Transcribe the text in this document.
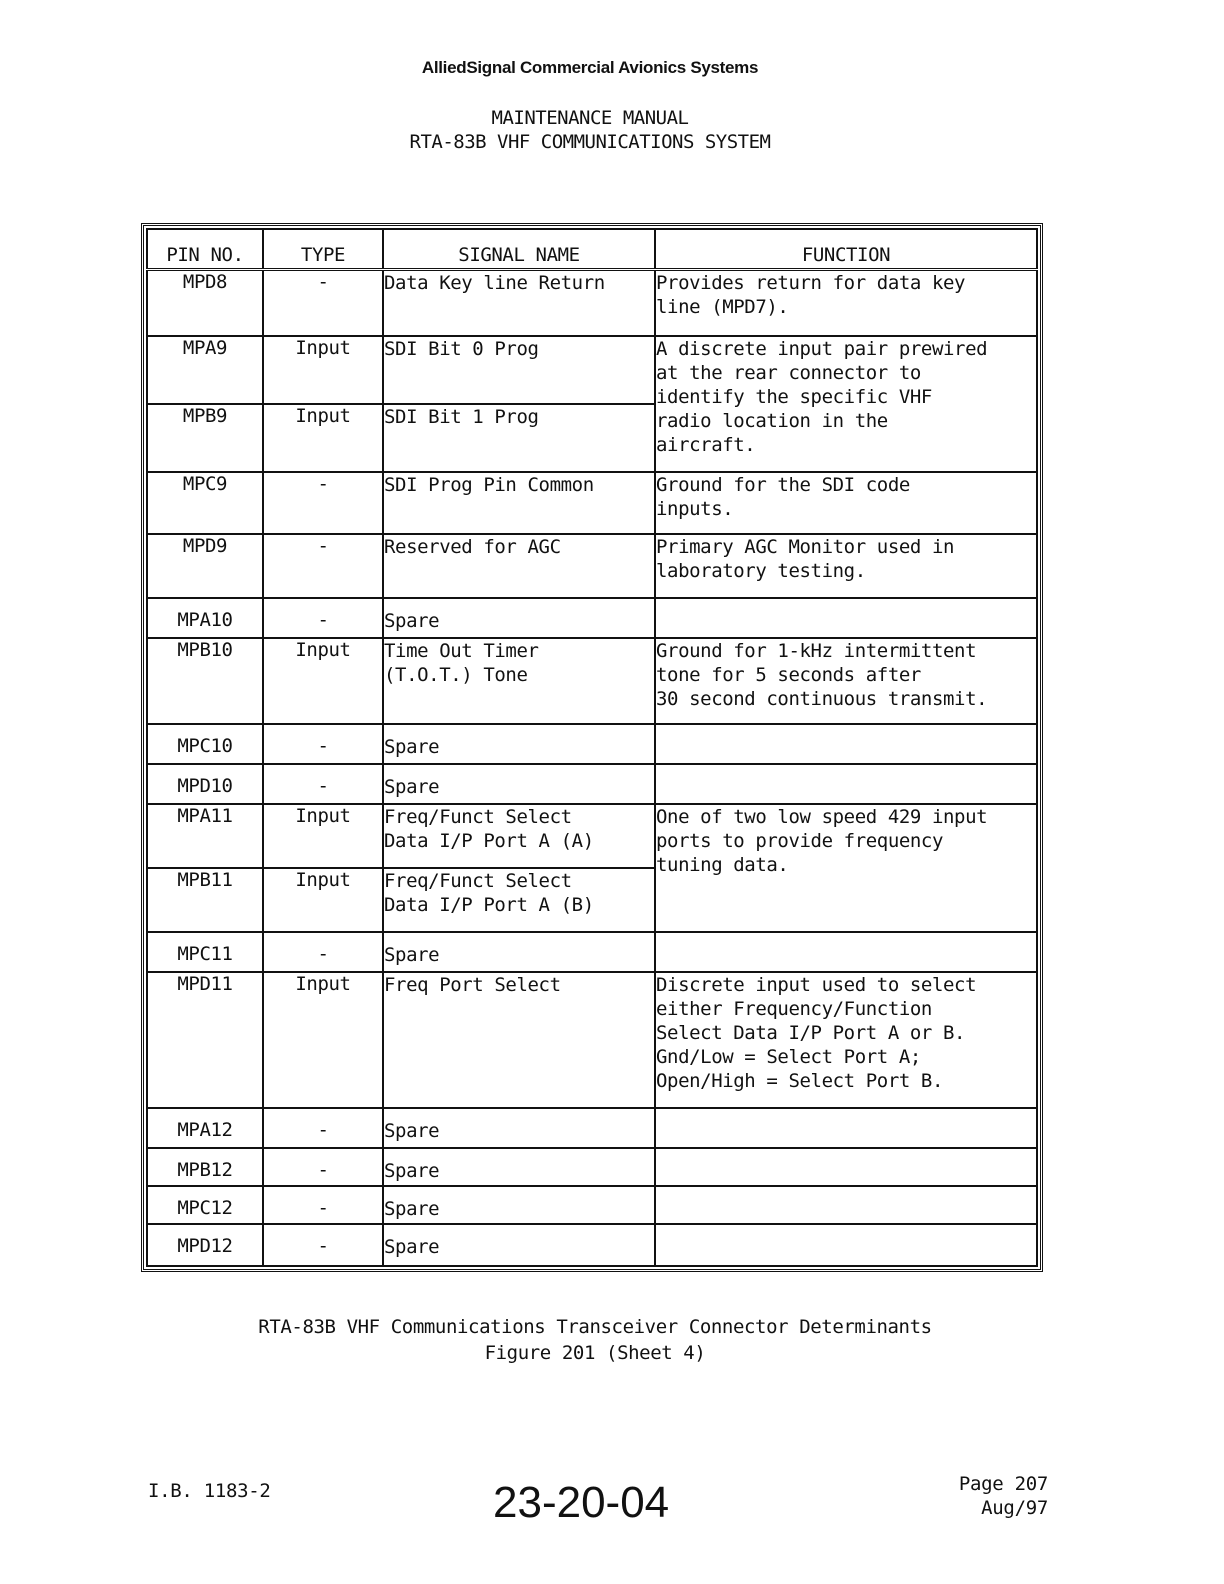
AlliedSignal Commercial Avionics Systems
MAINTENANCE MANUAL
RTA-83B VHF COMMUNICATIONS SYSTEM
PIN NO.	TYPE	SIGNAL NAME	FUNCTION
MPD8	-	Data Key line Return	Provides return for data key
line (MPD7).
MPA9	Input	SDI Bit 0 Prog	A discrete input pair prewired
at the rear connector to
identify the specific VHF
radio location in the
aircraft.
MPB9	Input	SDI Bit 1 Prog	
MPC9	-	SDI Prog Pin Common	Ground for the SDI code
inputs.
MPD9	-	Reserved for AGC	Primary AGC Monitor used in
laboratory testing.
MPA10	-	Spare	
MPB10	Input	Time Out Timer
(T.O.T.) Tone	Ground for 1-kHz intermittent
tone for 5 seconds after
30 second continuous transmit.
MPC10	-	Spare	
MPD10	-	Spare	
MPA11	Input	Freq/Funct Select
Data I/P Port A (A)	One of two low speed 429 input
ports to provide frequency
tuning data.
MPB11	Input	Freq/Funct Select
Data I/P Port A (B)	
MPC11	-	Spare	
MPD11	Input	Freq Port Select	Discrete input used to select
either Frequency/Function
Select Data I/P Port A or B.
Gnd/Low = Select Port A;
Open/High = Select Port B.
MPA12	-	Spare	
MPB12	-	Spare	
MPC12	-	Spare	
MPD12	-	Spare	
RTA-83B VHF Communications Transceiver Connector Determinants
Figure 201 (Sheet 4)
I.B. 1183-2	23-20-04	Page 207
Aug/97
